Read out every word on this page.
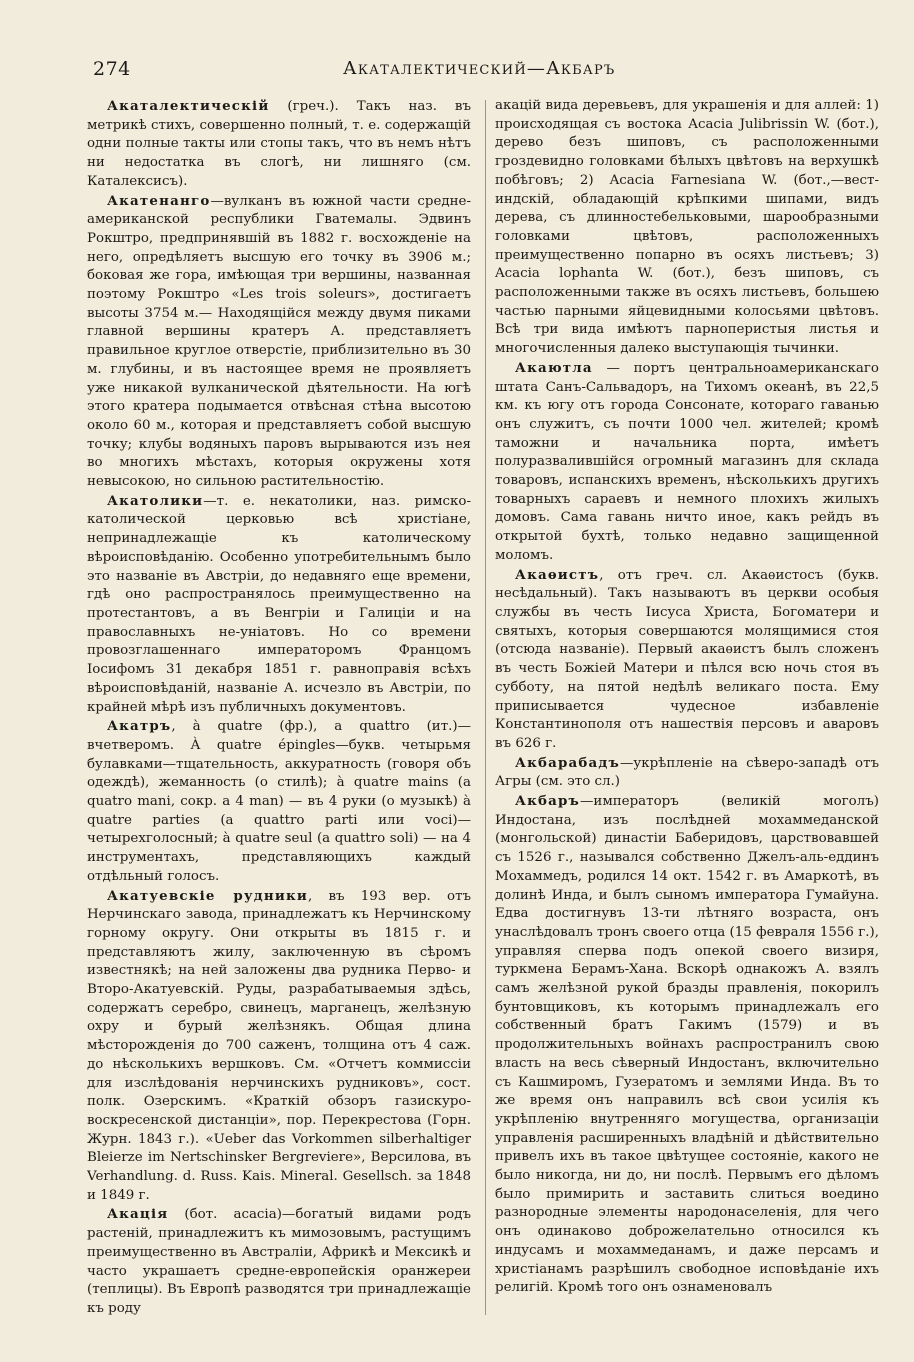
274	Акаталектический—Акбаръ

Акаталектическій (греч.). Такъ наз. въ метрикѣ стихъ, совершенно полный, т. е. содержащій одни полные такты или стопы такъ, что въ немъ нѣтъ ни недостатка въ слогѣ, ни лишняго (см. Каталексисъ).

Акатенанго—вулканъ въ южной части средне-американской республики Гватемалы. Эдвинъ Рокштро, предпринявшій въ 1882 г. восхожденіе на него, опредѣляетъ высшую его точку въ 3906 м.; боковая же гора, имѣющая три вершины, названная поэтому Рокштро «Les trois soleurs», достигаетъ высоты 3754 м.— Находящійся между двумя пиками главной вершины кратеръ А. представляетъ правильное круглое отверстіе, приблизительно въ 30 м. глубины, и въ настоящее время не проявляетъ уже никакой вулканической дѣятельности. На югѣ этого кратера подымается отвѣсная стѣна высотою около 60 м., которая и представляетъ собой высшую точку; клубы водяныхъ паровъ вырываются изъ нея во многихъ мѣстахъ, которыя окружены хотя невысокою, но сильною растительностію.

Акатолики—т. е. некатолики, наз. римско-католической церковью всѣ христіане, непринадлежащіе къ католическому вѣроисповѣданію. Особенно употребительнымъ было это названіе въ Австріи, до недавняго еще времени, гдѣ оно распространялось преимущественно на протестантовъ, а въ Венгріи и Галиціи и на православныхъ не-уніатовъ. Но со времени провозглашеннаго императоромъ Францомъ Іосифомъ 31 декабря 1851 г. равноправія всѣхъ вѣроисповѣданій, названіе А. исчезло въ Австріи, по крайней мѣрѣ изъ публичныхъ документовъ.

Акатръ, à quatre (фр.), a quattro (ит.)— вчетверомъ. À quatre épingles—букв. четырьмя булавками—тщательность, аккуратность (говоря объ одеждѣ), жеманность (о стилѣ); à quatre mains (a quatro mani, сокр. a 4 man) — въ 4 руки (о музыкѣ) à quatre parties (a quattro parti или voci)—четырехголосный; à quatre seul (a quattro soli) — на 4 инструментахъ, представляющихъ каждый отдѣльный голосъ.

Акатуевскіе рудники, въ 193 вер. отъ Нерчинскаго завода, принадлежатъ къ Нерчинскому горному округу. Они открыты въ 1815 г. и представляютъ жилу, заключенную въ сѣромъ известнякѣ; на ней заложены два рудника Перво- и Второ-Акатуевскій. Руды, разрабатываемыя здѣсь, содержатъ серебро, свинецъ, марганецъ, желѣзную охру и бурый желѣзнякъ. Общая длина мѣсторожденія до 700 саженъ, толщина отъ 4 саж. до нѣсколькихъ вершковъ. См. «Отчетъ коммиссіи для изслѣдованія нерчинскихъ рудниковъ», сост. полк. Озерскимъ. «Краткій обзоръ газискуро-воскресенской дистанціи», пор. Перекрестова (Горн. Журн. 1843 г.). «Ueber das Vorkommen silberhaltiger Bleierze im Nertschinsker Bergreviere», Версилова, въ Verhandlung. d. Russ. Kais. Mineral. Gesellsch. за 1848 и 1849 г.

Акація (бот. acacia)—богатый видами родъ растеній, принадлежитъ къ мимозовымъ, растущимъ преимущественно въ Австраліи, Африкѣ и Мексикѣ и часто украшаетъ средне-европейскія оранжереи (теплицы). Въ Европѣ разводятся три принадлежащіе къ роду

акацій вида деревьевъ, для украшенія и для аллей: 1) происходящая съ востока Acacia Julibrissin W. (бот.), дерево безъ шиповъ, съ расположенными гроздевидно головками бѣлыхъ цвѣтовъ на верхушкѣ побѣговъ; 2) Acacia Farnesiana W. (бот.,—вест-индскій, обладающій крѣпкими шипами, видъ дерева, съ длинностебельковыми, шарообразными головками цвѣтовъ, расположенныхъ преимущественно попарно въ осяхъ листьевъ; 3) Acacia lophanta W. (бот.), безъ шиповъ, съ расположенными также въ осяхъ листьевъ, большею частью парными яйцевидными колосьями цвѣтовъ. Всѣ три вида имѣютъ парноперистыя листья и многочисленныя далеко выступающія тычинки.

Акаютла — портъ центральноамериканскаго штата Санъ-Сальвадоръ, на Тихомъ океанѣ, въ 22,5 км. къ югу отъ города Сонсонате, котораго гаванью онъ служитъ, съ почти 1000 чел. жителей; кромѣ таможни и начальника порта, имѣетъ полуразвалившійся огромный магазинъ для склада товаровъ, испанскихъ временъ, нѣсколькихъ другихъ товарныхъ сараевъ и немного плохихъ жилыхъ домовъ. Сама гавань ничто иное, какъ рейдъ въ открытой бухтѣ, только недавно защищенной моломъ.

Акаѳистъ, отъ греч. сл. Акаѳистосъ (букв. несѣдальный). Такъ называютъ въ церкви особыя службы въ честь Іисуса Христа, Богоматери и святыхъ, которыя совершаются молящимися стоя (отсюда названіе). Первый акаѳистъ былъ сложенъ въ честь Божіей Матери и пѣлся всю ночь стоя въ субботу, на пятой недѣлѣ великаго поста. Ему приписывается чудесное избавленіе Константинополя отъ нашествія персовъ и аваровъ въ 626 г.

Акбарабадъ—укрѣпленіе на сѣверо-западѣ отъ Агры (см. это сл.)

Акбаръ—императоръ (великій моголъ) Индостана, изъ послѣдней мохаммеданской (монгольской) династіи Баберидовъ, царствовавшей съ 1526 г., назывался собственно Джелъ-аль-еддинъ Мохаммедъ, родился 14 окт. 1542 г. въ Амаркотѣ, въ долинѣ Инда, и былъ сыномъ императора Гумайуна. Едва достигнувъ 13-ти лѣтняго возраста, онъ унаслѣдовалъ тронъ своего отца (15 февраля 1556 г.), управляя сперва подъ опекой своего визиря, туркмена Берамъ-Хана. Вскорѣ однакожъ А. взялъ самъ желѣзной рукой бразды правленія, покорилъ бунтовщиковъ, къ которымъ принадлежалъ его собственный братъ Гакимъ (1579) и въ продолжительныхъ войнахъ распространилъ свою власть на весь сѣверный Индостанъ, включительно съ Кашмиромъ, Гузератомъ и землями Инда. Въ то же время онъ направилъ всѣ свои усилія къ укрѣпленію внутренняго могущества, организаціи управленія расширенныхъ владѣній и дѣйствительно привелъ ихъ въ такое цвѣтущее состояніе, какого не было никогда, ни до, ни послѣ. Первымъ его дѣломъ было примирить и заставить слиться воедино разнородные элементы народонаселенія, для чего онъ одинаково доброжелательно относился къ индусамъ и мохаммеданамъ, и даже персамъ и христіанамъ разрѣшилъ свободное исповѣданіе ихъ религій. Кромѣ того онъ ознаменовалъ
